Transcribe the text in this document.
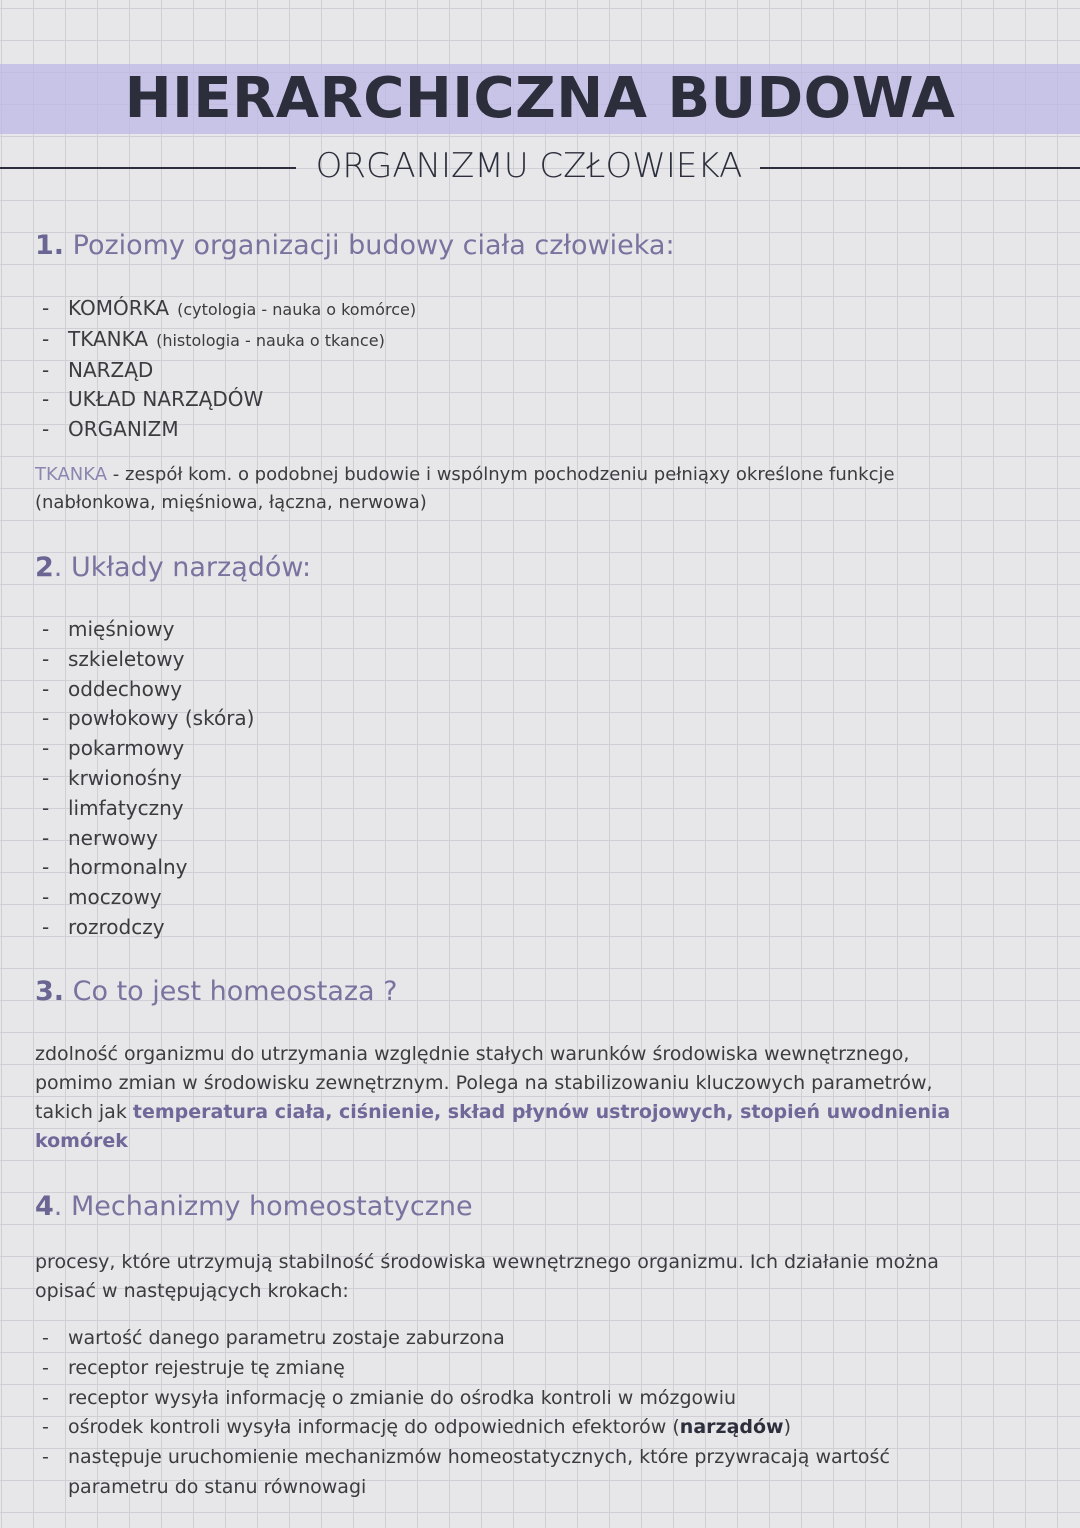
HIERARCHICZNA BUDOWA
ORGANIZMU CZŁOWIEKA
1. Poziomy organizacji budowy ciała człowieka:
- KOMÓRKA (cytologia - nauka o komórce)
- TKANKA (histologia - nauka o tkance)
- NARZĄD
- UKŁAD NARZĄDÓW
- ORGANIZM
TKANKA - zespół kom. o podobnej budowie i wspólnym pochodzeniu pełniąxy określone funkcje
(nabłonkowa, mięśniowa, łączna, nerwowa)
2. Układy narządów:
- mięśniowy
- szkieletowy
- oddechowy
- powłokowy (skóra)
- pokarmowy
- krwionośny
- limfatyczny
- nerwowy
- hormonalny
- moczowy
- rozrodczy
3. Co to jest homeostaza ?
zdolność organizmu do utrzymania względnie stałych warunków środowiska wewnętrznego,
pomimo zmian w środowisku zewnętrznym. Polega na stabilizowaniu kluczowych parametrów,
takich jak temperatura ciała, ciśnienie, skład płynów ustrojowych, stopień uwodnienia komórek
4. Mechanizmy homeostatyczne
procesy, które utrzymują stabilność środowiska wewnętrznego organizmu. Ich działanie można
opisać w następujących krokach:
- wartość danego parametru zostaje zaburzona
- receptor rejestruje tę zmianę
- receptor wysyła informację o zmianie do ośrodka kontroli w mózgowiu
- ośrodek kontroli wysyła informację do odpowiednich efektorów (narządów)
- następuje uruchomienie mechanizmów homeostatycznych, które przywracają wartość parametru do stanu równowagi
